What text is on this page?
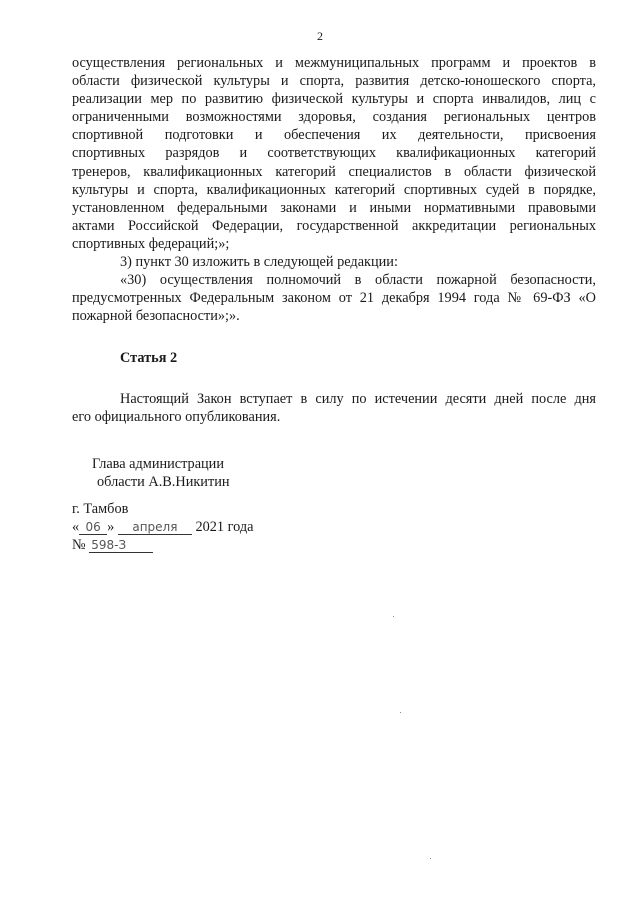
2
осуществления региональных и межмуниципальных программ и проектов в
области физической культуры и спорта, развития детско-юношеского спорта,
реализации мер по развитию физической культуры и спорта инвалидов, лиц с
ограниченными возможностями здоровья, создания региональных центров
спортивной подготовки и обеспечения их деятельности, присвоения
спортивных разрядов и соответствующих квалификационных категорий
тренеров, квалификационных категорий специалистов в области физической
культуры и спорта, квалификационных категорий спортивных судей в порядке,
установленном федеральными законами и иными нормативными правовыми
актами Российской Федерации, государственной аккредитации региональных
спортивных федераций;»;
3) пункт 30 изложить в следующей редакции:
«30) осуществления полномочий в области пожарной безопасности,
предусмотренных Федеральным законом от 21 декабря 1994 года № 69-ФЗ «О
пожарной безопасности»;».
Статья 2
Настоящий Закон вступает в силу по истечении десяти дней после дня
его официального опубликования.
Глава администрации
области А.В.Никитин
г. Тамбов
« 06 » апреля 2021 года
№ 598-З
